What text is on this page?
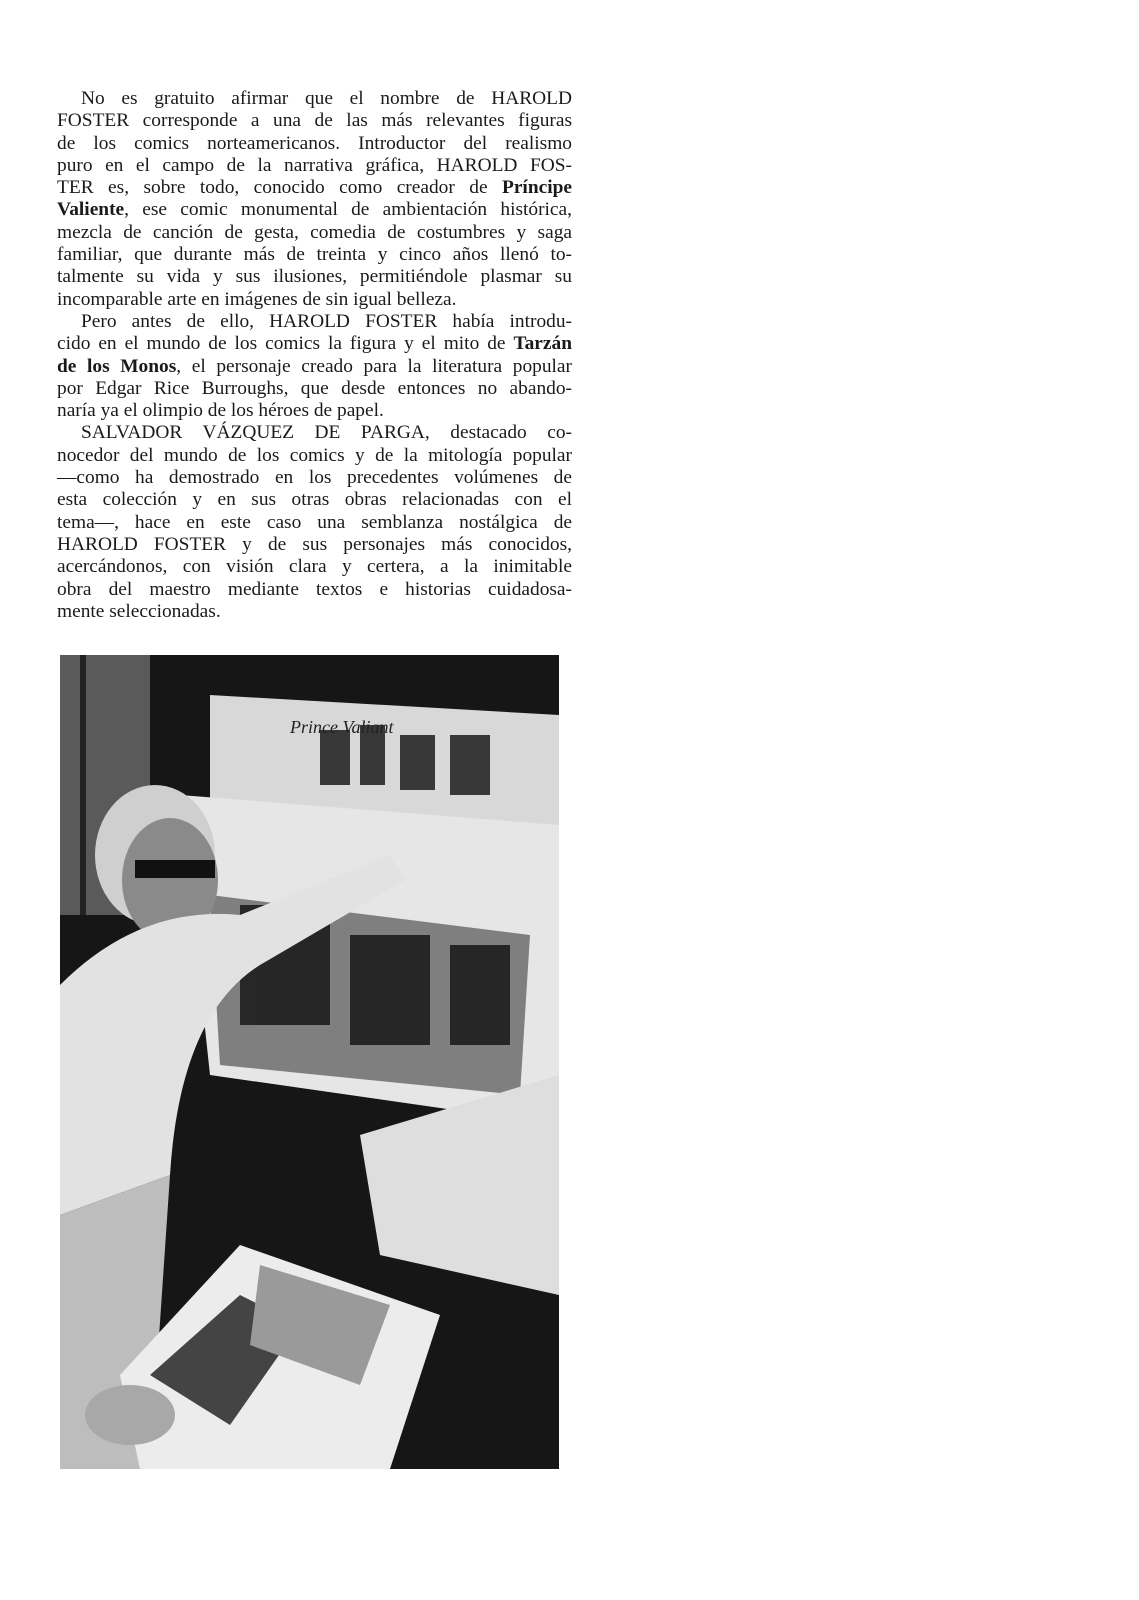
No es gratuito afirmar que el nombre de HAROLD
FOSTER corresponde a una de las más relevantes figuras
de los comics norteamericanos. Introductor del realismo
puro en el campo de la narrativa gráfica, HAROLD FOS-
TER es, sobre todo, conocido como creador de Príncipe
Valiente, ese comic monumental de ambientación histórica,
mezcla de canción de gesta, comedia de costumbres y saga
familiar, que durante más de treinta y cinco años llenó to-
talmente su vida y sus ilusiones, permitiéndole plasmar su
incomparable arte en imágenes de sin igual belleza.
Pero antes de ello, HAROLD FOSTER había introdu-
cido en el mundo de los comics la figura y el mito de Tarzán
de los Monos, el personaje creado para la literatura popular
por Edgar Rice Burroughs, que desde entonces no abando-
naría ya el olimpio de los héroes de papel.
SALVADOR VÁZQUEZ DE PARGA, destacado co-
nocedor del mundo de los comics y de la mitología popular
—como ha demostrado en los precedentes volúmenes de
esta colección y en sus otras obras relacionadas con el
tema—, hace en este caso una semblanza nostálgica de
HAROLD FOSTER y de sus personajes más conocidos,
acercándonos, con visión clara y certera, a la inimitable
obra del maestro mediante textos e historias cuidadosa-
mente seleccionadas.
Prince Valiant
